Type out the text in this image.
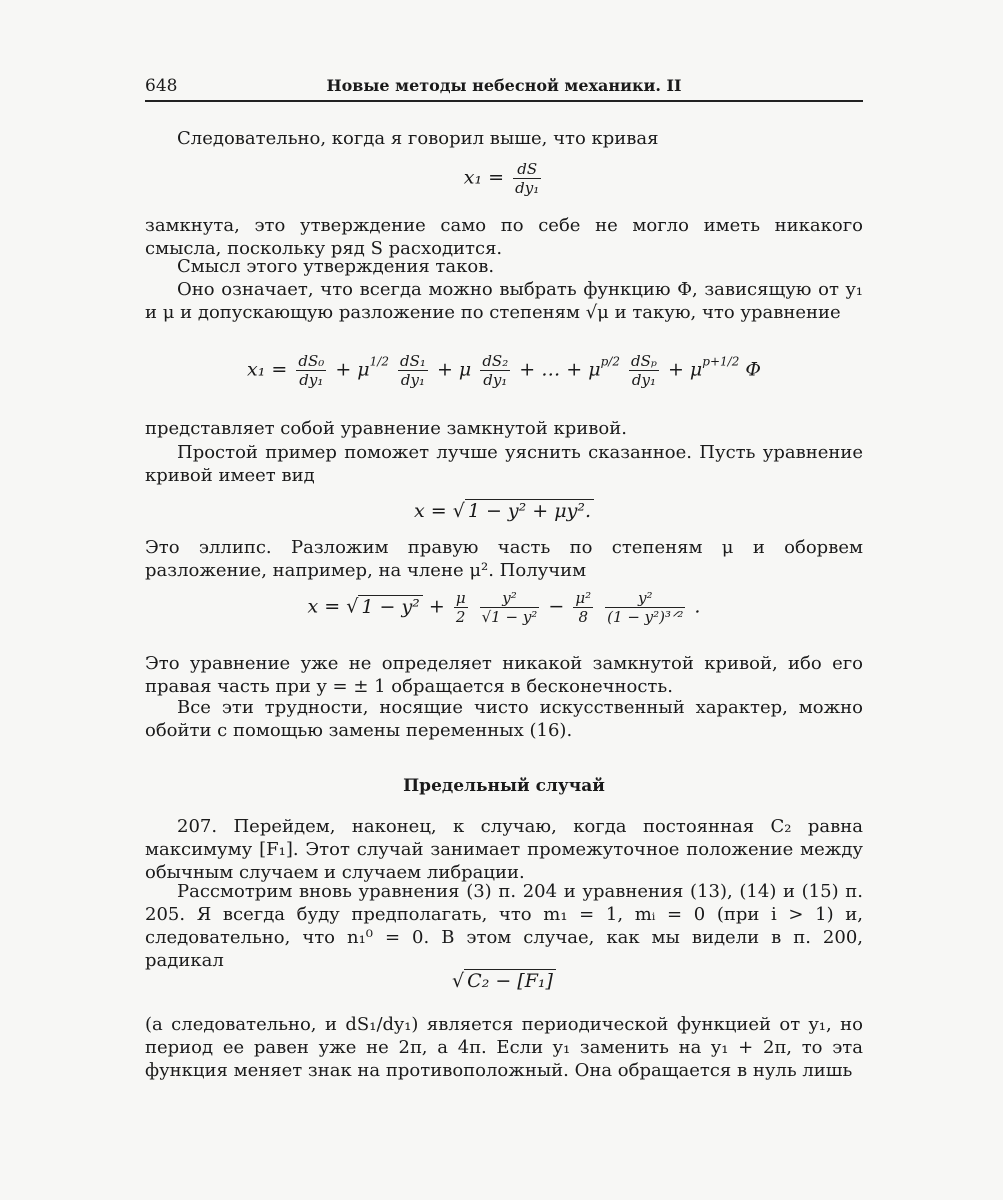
648	Новые методы небесной механики. II

Следовательно, когда я говорил выше, что кривая

$x_1 = \frac{dS}{\text{dy₁}}$

замкнута, это утверждение само по себе не могло иметь никакого смысла, поскольку ряд S расходится.

Смысл этого утверждения таков.

Оно означает, что всегда можно выбрать функцию Φ, зависящую от y₁ и μ и допускающую разложение по степеням √μ и такую, что уравнение

$x_1 = \frac{\text{dS₀}}{\text{dy₁}} + \mu^{1/2} \frac{\text{dS₁}}{\text{dy₁}} + \mu \frac{\text{dS₂}}{\text{dy₁}}$ + … + $\mu^{p/2} \frac{\text{dSₚ}}{\text{dy₁}} + \mu^{p+1/2}$ Φ

представляет собой уравнение замкнутой кривой.

Простой пример поможет лучше уяснить сказанное. Пусть уравнение кривой имеет вид

x = √ 1 − y² + μy².

Это эллипс. Разложим правую часть по степеням μ и оборвем разложение, например, на члене μ². Получим

x = √ $1 - y^2 + \frac{\mu}{2}$
$\frac{\text{y²}}{\text{√1 − y²}} - \frac{\text{μ²}}{8}$
$\frac{\text{y²}}{\text{(1 − y²)³ᐟ²}}$ .

Это уравнение уже не определяет никакой замкнутой кривой, ибо его правая часть при y = ± 1 обращается в бесконечность.

Все эти трудности, носящие чисто искусственный характер, можно обойти с помощью замены переменных (16).

Предельный случай

207. Перейдем, наконец, к случаю, когда постоянная C₂ равна максимуму [F₁]. Этот случай занимает промежуточное положение между обычным случаем и случаем либрации.

Рассмотрим вновь уравнения (3) п. 204 и уравнения (13), (14) и (15) п. 205. Я всегда буду предполагать, что m₁ = 1, mᵢ = 0 (при i > 1) и, следовательно, что n₁⁰ = 0. В этом случае, как мы видели в п. 200, радикал

√ C₂ − [F₁]

(а следовательно, и dS₁/dy₁) является периодической функцией от y₁, но период ее равен уже не 2π, а 4π. Если y₁ заменить на y₁ + 2π, то эта функция меняет знак на противоположный. Она обращается в нуль лишь
